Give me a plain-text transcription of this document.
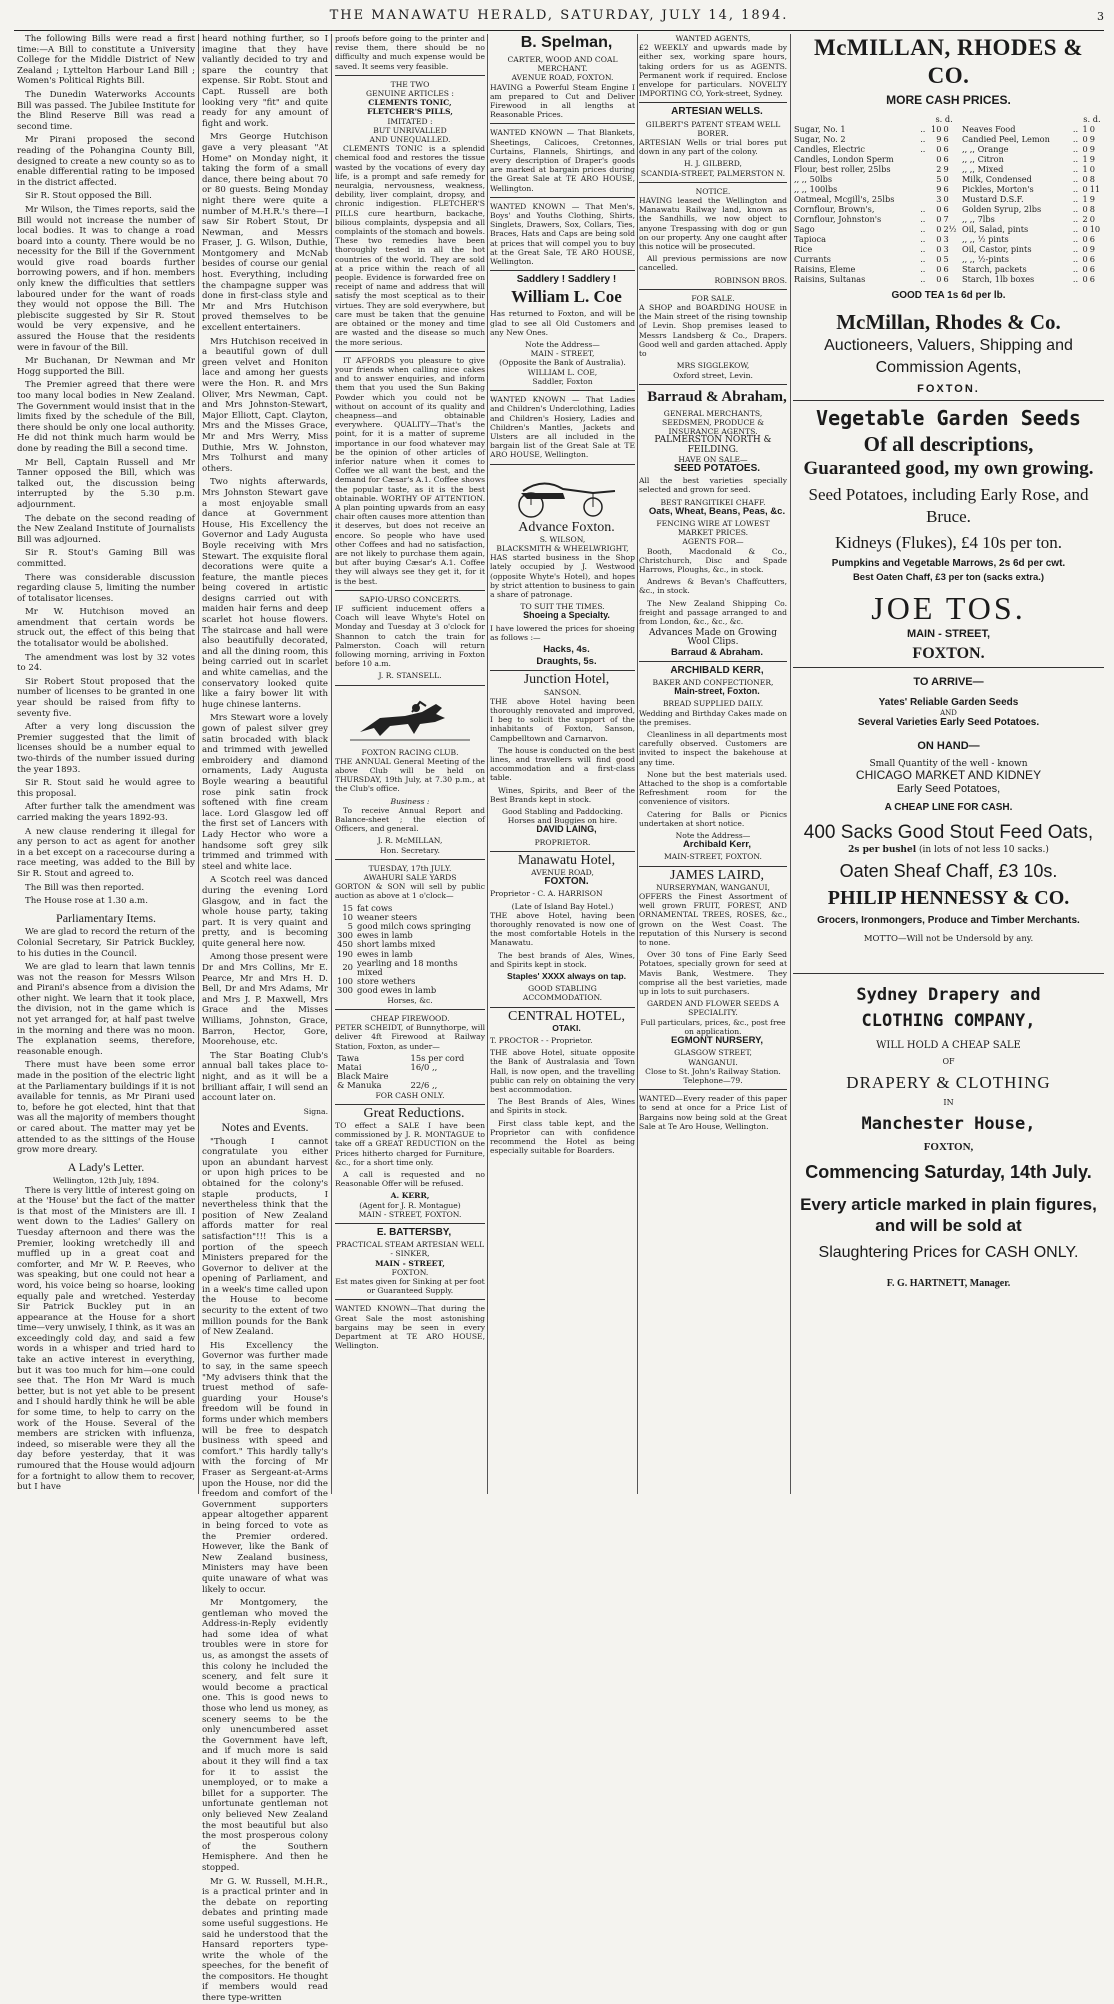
THE MANAWATU HERALD, SATURDAY, JULY 14, 1894.	3

The following Bills were read a first time:—A Bill to constitute a University College for the Middle District of New Zealand ; Lyttelton Harbour Land Bill ; Women's Political Rights Bill.

The Dunedin Waterworks Accounts Bill was passed. The Jubilee Institute for the Blind Reserve Bill was read a second time.

Mr Pirani proposed the second reading of the Pohangina County Bill, designed to create a new county so as to enable differential rating to be imposed in the district affected.

Sir R. Stout opposed the Bill.

Mr Wilson, the Times reports, said the Bill would not increase the number of local bodies. It was to change a road board into a county. There would be no necessity for the Bill if the Government would give road boards further borrowing powers, and if hon. members only knew the difficulties that settlers laboured under for the want of roads they would not oppose the Bill. The plebiscite suggested by Sir R. Stout would be very expensive, and he assured the House that the residents were in favour of the Bill.

Mr Buchanan, Dr Newman and Mr Hogg supported the Bill.

The Premier agreed that there were too many local bodies in New Zealand. The Government would insist that in the limits fixed by the schedule of the Bill, there should be only one local authority. He did not think much harm would be done by reading the Bill a second time.

Mr Bell, Captain Russell and Mr Tanner opposed the Bill, which was talked out, the discussion being interrupted by the 5.30 p.m. adjournment.

The debate on the second reading of the New Zealand Institute of Journalists Bill was adjourned.

Sir R. Stout's Gaming Bill was committed.

There was considerable discussion regarding clause 5, limiting the number of totalisator licenses.

Mr W. Hutchison moved an amendment that certain words be struck out, the effect of this being that the totalisator would be abolished.

The amendment was lost by 32 votes to 24.

Sir Robert Stout proposed that the number of licenses to be granted in one year should be raised from fifty to seventy five.

After a very long discussion the Premier suggested that the limit of licenses should be a number equal to two-thirds of the number issued during the year 1893.

Sir R. Stout said he would agree to this proposal.

After further talk the amendment was carried making the years 1892-93.

A new clause rendering it illegal for any person to act as agent for another in a bet except on a racecourse during a race meeting, was added to the Bill by Sir R. Stout and agreed to.

The Bill was then reported.

The House rose at 1.30 a.m.

Parliamentary Items.

We are glad to record the return of the Colonial Secretary, Sir Patrick Buckley, to his duties in the Council.

We are glad to learn that lawn tennis was not the reason for Messrs Wilson and Pirani's absence from a division the other night. We learn that it took place, the division, not in the game which is not yet arranged for, at half past twelve in the morning and there was no moon. The explanation seems, therefore, reasonable enough.

There must have been some error made in the position of the electric light at the Parliamentary buildings if it is not available for tennis, as Mr Pirani used to, before he got elected, hint that that was all the majority of members thought or cared about. The matter may yet be attended to as the sittings of the House grow more dreary.

A Lady's Letter.

Wellington, 12th July, 1894.

There is very little of interest going on at the 'House' but the fact of the matter is that most of the Ministers are ill. I went down to the Ladies' Gallery on Tuesday afternoon and there was the Premier, looking wretchedly ill and muffled up in a great coat and comforter, and Mr W. P. Reeves, who was speaking, but one could not hear a word, his voice being so hoarse, looking equally pale and wretched. Yesterday Sir Patrick Buckley put in an appearance at the House for a short time—very unwisely, I think, as it was an exceedingly cold day, and said a few words in a whisper and tried hard to take an active interest in everything, but it was too much for him—one could see that. The Hon Mr Ward is much better, but is not yet able to be present and I should hardly think he will be able for some time, to help to carry on the work of the House. Several of the members are stricken with influenza, indeed, so miserable were they all the day before yesterday, that it was rumoured that the House would adjourn for a fortnight to allow them to recover, but I have

heard nothing further, so I imagine that they have valiantly decided to try and spare the country that expense. Sir Robt. Stout and Capt. Russell are both looking very "fit" and quite ready for any amount of fight and work.

Mrs George Hutchison gave a very pleasant "At Home" on Monday night, it taking the form of a small dance, there being about 70 or 80 guests. Being Monday night there were quite a number of M.H.R.'s there—I saw Sir Robert Stout, Dr Newman, and Messrs Fraser, J. G. Wilson, Duthie, Montgomery and McNab besides of course our genial host. Everything, including the champagne supper was done in first-class style and Mr and Mrs Hutchison proved themselves to be excellent entertainers.

Mrs Hutchison received in a beautiful gown of dull green velvet and Honiton lace and among her guests were the Hon. R. and Mrs Oliver, Mrs Newman, Capt. and Mrs Johnston-Stewart, Major Elliott, Capt. Clayton, Mrs and the Misses Grace, Mr and Mrs Werry, Miss Duthie, Mrs W. Johnston, Mrs Tolhurst and many others.

Two nights afterwards, Mrs Johnston Stewart gave a most enjoyable small dance at Government House, His Excellency the Governor and Lady Augusta Boyle receiving with Mrs Stewart. The exquisite floral decorations were quite a feature, the mantle pieces being covered in artistic designs carried out with maiden hair ferns and deep scarlet hot house flowers. The staircase and hall were also beautifully decorated, and all the dining room, this being carried out in scarlet and white camelias, and the conservatory looked quite like a fairy bower lit with huge chinese lanterns.

Mrs Stewart wore a lovely gown of palest silver grey satin brocaded with black and trimmed with jewelled embroidery and diamond ornaments, Lady Augusta Boyle wearing a beautiful rose pink satin frock softened with fine cream lace. Lord Glasgow led off the first set of Lancers with Lady Hector who wore a handsome soft grey silk trimmed and trimmed with steel and white lace.

A Scotch reel was danced during the evening Lord Glasgow, and in fact the whole house party, taking part. It is very quaint and pretty, and is becoming quite general here now.

Among those present were Dr and Mrs Collins, Mr E. Pearce, Mr and Mrs H. D. Bell, Dr and Mrs Adams, Mr and Mrs J. P. Maxwell, Mrs Grace and the Misses Williams, Johnston, Grace, Barron, Hector, Gore, Moorehouse, etc.

The Star Boating Club's annual ball takes place to-night, and as it will be a brilliant affair, I will send an account later on.

Signa.

Notes and Events.

"Though I cannot congratulate you either upon an abundant harvest or upon high prices to be obtained for the colony's staple products, I nevertheless think that the position of New Zealand affords matter for real satisfaction"!!! This is a portion of the speech Ministers prepared for the Governor to deliver at the opening of Parliament, and in a week's time called upon the House to become security to the extent of two million pounds for the Bank of New Zealand.

His Excellency the Governor was further made to say, in the same speech "My advisers think that the truest method of safe-guarding your House's freedom will be found in forms under which members will be free to despatch business with speed and comfort." This hardly tally's with the forcing of Mr Fraser as Sergeant-at-Arms upon the House, nor did the freedom and comfort of the Government supporters appear altogether apparent in being forced to vote as the Premier ordered. However, like the Bank of New Zealand business, Ministers may have been quite unaware of what was likely to occur.

Mr Montgomery, the gentleman who moved the Address-in-Reply evidently had some idea of what troubles were in store for us, as amongst the assets of this colony he included the scenery, and felt sure it would become a practical one. This is good news to those who lend us money, as scenery seems to be the only unencumbered asset the Government have left, and if much more is said about it they will find a tax for it to assist the unemployed, or to make a billet for a supporter. The unfortunate gentleman not only believed New Zealand the most beautiful but also the most prosperous colony of the Southern Hemisphere. And then he stopped.

Mr G. W. Russell, M.H.R., is a practical printer and in the debate on reporting debates and printing made some useful suggestions. He said he understood that the Hansard reporters type-write the whole of the speeches, for the benefit of the compositors. He thought if members would read there type-written

proofs before going to the printer and revise them, there should be no difficulty and much expense would be saved. It seems very feasible.

THE TWO

GENUINE ARTICLES :

CLEMENTS TONIC,

FLETCHER'S PILLS,

IMITATED :

BUT UNRIVALLED

AND UNEQUALLED.

CLEMENTS TONIC is a splendid chemical food and restores the tissue wasted by the vocations of every day life, is a prompt and safe remedy for neuralgia, nervousness, weakness, debility, liver complaint, dropsy, and chronic indigestion. FLETCHER'S PILLS cure heartburn, backache, bilious complaints, dyspepsia and all complaints of the stomach and bowels. These two remedies have been thoroughly tested in all the hot countries of the world. They are sold at a price within the reach of all people. Evidence is forwarded free on receipt of name and address that will satisfy the most sceptical as to their virtues. They are sold everywhere, but care must be taken that the genuine are obtained or the money and time are wasted and the disease so much the more serious.

IT AFFORDS you pleasure to give your friends when calling nice cakes and to answer enquiries, and inform them that you used the Sun Baking Powder which you could not be without on account of its quality and cheapness—and obtainable everywhere. QUALITY—That's the point, for it is a matter of supreme importance in our food whatever may be the opinion of other articles of inferior nature when it comes to Coffee we all want the best, and the demand for Cæsar's A.1. Coffee shows the popular taste, as it is the best obtainable. WORTHY OF ATTENTION. A plan pointing upwards from an easy chair often causes more attention than it deserves, but does not receive an encore. So people who have used other Coffees and had no satisfaction, are not likely to purchase them again, but after buying Cæsar's A.1. Coffee they will always see they get it, for it is the best.

SAPIO-URSO CONCERTS.

IF sufficient inducement offers a Coach will leave Whyte's Hotel on Monday and Tuesday at 3 o'clock for Shannon to catch the train for Palmerston. Coach will return following morning, arriving in Foxton before 10 a.m.

J. R. STANSELL.

FOXTON RACING CLUB.

THE ANNUAL General Meeting of the above Club will be held on THURSDAY, 19th July, at 7.30 p.m., at the Club's office.

Business :

To receive Annual Report and Balance-sheet ; the election of Officers, and general.

J. R. McMILLAN,

Hon. Secretary.

TUESDAY, 17th JULY.

AWAHURI SALE YARDS

GORTON & SON will sell by public auction as above at 1 o'clock—

15	fat cows
10	weaner steers
5	good milch cows springing
300	ewes in lamb
450	short lambs mixed
190	ewes in lamb
20	yearling and 18 months mixed
100	store wethers
300	good ewes in lamb

Horses, &c.

CHEAP FIREWOOD.

PETER SCHEIDT, of Bunnythorpe, will deliver 4ft Firewood at Railway Station, Foxton, as under—

Tawa	15s per cord
Matai	16/0 ,,
Black Maire	
& Manuka	22/6 ,,

FOR CASH ONLY.

Great Reductions.

TO effect a SALE I have been commissioned by J. R. MONTAGUE to take off a GREAT REDUCTION on the Prices hitherto charged for Furniture, &c., for a short time only.

A call is requested and no Reasonable Offer will be refused.

A. KERR,

(Agent for J. R. Montague)

MAIN - STREET, FOXTON.

E. BATTERSBY,

PRACTICAL STEAM ARTESIAN WELL - SINKER,

MAIN - STREET,

FOXTON.

Est mates given for Sinking at per foot or Guaranteed Supply.

WANTED KNOWN—That during the Great Sale the most astonishing bargains may be seen in every Department at TE ARO HOUSE, Wellington.

B. Spelman,

CARTER, WOOD AND COAL MERCHANT.

AVENUE ROAD, FOXTON.

HAVING a Powerful Steam Engine I am prepared to Cut and Deliver Firewood in all lengths at Reasonable Prices.

WANTED KNOWN — That Blankets, Sheetings, Calicoes, Cretonnes, Curtains, Flannels, Shirtings, and every description of Draper's goods are marked at bargain prices during the Great Sale at TE ARO HOUSE, Wellington.

WANTED KNOWN — That Men's, Boys' and Youths Clothing, Shirts, Singlets, Drawers, Sox, Collars, Ties, Braces, Hats and Caps are being sold at prices that will compel you to buy at the Great Sale, TE ARO HOUSE, Wellington.

Saddlery ! Saddlery !

William L. Coe

Has returned to Foxton, and will be glad to see all Old Customers and any New Ones.

Note the Address—

MAIN - STREET,

(Opposite the Bank of Australia).

WILLIAM L. COE,

Saddler, Foxton

WANTED KNOWN — That Ladies and Children's Underclothing, Ladies and Children's Hosiery, Ladies and Children's Mantles, Jackets and Ulsters are all included in the bargain list of the Great Sale at TE ARO HOUSE, Wellington.

Advance Foxton.

S. WILSON,

BLACKSMITH & WHEELWRIGHT,

HAS started business in the Shop lately occupied by J. Westwood (opposite Whyte's Hotel), and hopes by strict attention to business to gain a share of patronage.

TO SUIT THE TIMES.

Shoeing a Specialty.

I have lowered the prices for shoeing as follows :—

Hacks, 4s.

Draughts, 5s.

Junction Hotel,

SANSON.

THE above Hotel having been thoroughly renovated and improved, I beg to solicit the support of the inhabitants of Foxton, Sanson, Campbelltown and Carnarvon.

The house is conducted on the best lines, and travellers will find good accommodation and a first-class table.

Wines, Spirits, and Beer of the Best Brands kept in stock.

Good Stabling and Paddocking.

Horses and Buggies on hire.

DAVID LAING,

PROPRIETOR.

Manawatu Hotel,

AVENUE ROAD,

FOXTON.

Proprietor - C. A. HARRISON

(Late of Island Bay Hotel.)

THE above Hotel, having been thoroughly renovated is now one of the most comfortable Hotels in the Manawatu.

The best brands of Ales, Wines, and Spirits kept in stock.

Staples' XXXX always on tap.

GOOD STABLING ACCOMMODATION.

CENTRAL HOTEL,

OTAKI.

T. PROCTOR - - Proprietor.

THE above Hotel, situate opposite the Bank of Australasia and Town Hall, is now open, and the travelling public can rely on obtaining the very best accommodation.

The Best Brands of Ales, Wines and Spirits in stock.

First class table kept, and the Proprietor can with confidence recommend the Hotel as being especially suitable for Boarders.

WANTED AGENTS,

£2 WEEKLY and upwards made by either sex, working spare hours, taking orders for us as AGENTS. Permanent work if required. Enclose envelope for particulars. NOVELTY IMPORTING CO, York-street, Sydney.

ARTESIAN WELLS.

GILBERT'S PATENT STEAM WELL BORER.

ARTESIAN Wells or trial bores put down in any part of the colony.

H. J. GILBERD,

SCANDIA-STREET, PALMERSTON N.

NOTICE.

HAVING leased the Wellington and Manawatu Railway land, known as the Sandhills, we now object to anyone Trespassing with dog or gun on our property. Any one caught after this notice will be prosecuted.

All previous permissions are now cancelled.

ROBINSON BROS.

FOR SALE.

A SHOP and BOARDING HOUSE in the Main street of the rising township of Levin. Shop premises leased to Messrs Landsberg & Co., Drapers. Good well and garden attached. Apply to

MRS SIGGLEKOW,

Oxford street, Levin.

Barraud & Abraham,

GENERAL MERCHANTS, SEEDSMEN, PRODUCE & INSURANCE AGENTS.

PALMERSTON NORTH & FEILDING.

HAVE ON SALE—

SEED POTATOES.

All the best varieties specially selected and grown for seed.

BEST RANGITIKEI CHAFF.

Oats, Wheat, Beans, Peas, &c.

FENCING WIRE AT LOWEST MARKET PRICES.

AGENTS FOR—

Booth, Macdonald & Co., Christchurch, Disc and Spade Harrows, Ploughs, &c., in stock.

Andrews & Bevan's Chaffcutters, &c., in stock.

The New Zealand Shipping Co. freight and passage arranged to and from London, &c., &c., &c.

Advances Made on Growing Wool Clips.

Barraud & Abraham.

ARCHIBALD KERR,

BAKER AND CONFECTIONER,

Main-street, Foxton.

BREAD SUPPLIED DAILY.

Wedding and Birthday Cakes made on the premises.

Cleanliness in all departments most carefully observed. Customers are invited to inspect the bakehouse at any time.

None but the best materials used. Attached to the shop is a comfortable Refreshment room for the convenience of visitors.

Catering for Balls or Picnics undertaken at short notice.

Note the Address—

Archibald Kerr,

MAIN-STREET, FOXTON.

JAMES LAIRD,

NURSERYMAN, WANGANUI,

OFFERS the Finest Assortment of well grown FRUIT, FOREST, AND ORNAMENTAL TREES, ROSES, &c., grown on the West Coast. The reputation of this Nursery is second to none.

Over 30 tons of Fine Early Seed Potatoes, specially grown for seed at Mavis Bank, Westmere. They comprise all the best varieties, made up in lots to suit purchasers.

GARDEN AND FLOWER SEEDS A SPECIALITY.

Full particulars, prices, &c., post free on application.

EGMONT NURSERY,

GLASGOW STREET,

WANGANUI.

Close to St. John's Railway Station.

Telephone—79.

WANTED—Every reader of this paper to send at once for a Price List of Bargains now being sold at the Great Sale at Te Aro House, Wellington.

McMILLAN, RHODES & CO.
MORE CASH PRICES.
		s. d.				s. d.	
Sugar, No. 1	..	10	0	Neaves Food	..	1	0
Sugar, No. 2	..	9	6	Candied Peel, Lemon	..	0	9
Candles, Electric	..	0	6	,, ,, Orange	..	0	9
Candles, London Sperm		0	6	,, ,, Citron	..	1	9
Flour, best roller, 25lbs		2	9	,, ,, Mixed	..	1	0
,, ,, 50lbs		5	0	Milk, Condensed	..	0	8
,, ,, 100lbs		9	6	Pickles, Morton's	..	0	11
Oatmeal, Mcgill's, 25lbs		3	0	Mustard D.S.F.	..	1	9
Cornflour, Brown's,	..	0	6	Golden Syrup, 2lbs	..	0	8
Cornflour, Johnston's	..	0	7	,, ,, 7lbs	..	2	0
Sago	..	0	2½	Oil, Salad, pints	..	0	10
Tapioca	..	0	3	,, ,, ½ pints	..	0	6
Rice	..	0	3	Oil, Castor, pints	..	0	9
Currants	..	0	5	,, ,, ½-pints	..	0	6
Raisins, Eleme	..	0	6	Starch, packets	..	0	6
Raisins, Sultanas	..	0	6	Starch, 1lb boxes	..	0	6
GOOD TEA 1s 6d per lb.
McMillan, Rhodes & Co.
Auctioneers, Valuers, Shipping and Commission Agents,
FOXTON.
Vegetable Garden Seeds
Of all descriptions,
Guaranteed good, my own growing.
Seed Potatoes, including Early Rose, and Bruce.
Kidneys (Flukes), £4 10s per ton.
Pumpkins and Vegetable Marrows, 2s 6d per cwt.
Best Oaten Chaff, £3 per ton (sacks extra.)
JOE TOS.
MAIN - STREET,
FOXTON.
TO ARRIVE—
Yates' Reliable Garden Seeds
AND
Several Varieties Early Seed Potatoes.
ON HAND—
Small Quantity of the well - known
CHICAGO MARKET AND KIDNEY
Early Seed Potatoes,
A CHEAP LINE FOR CASH.
400 Sacks Good Stout Feed Oats,
2s per bushel (in lots of not less 10 sacks.)
Oaten Sheaf Chaff, £3 10s.
PHILIP HENNESSY & CO.
Grocers, Ironmongers, Produce and Timber Merchants.
MOTTO—Will not be Undersold by any.
Sydney Drapery and
CLOTHING COMPANY,
WILL HOLD A CHEAP SALE
OF
DRAPERY & CLOTHING
IN
Manchester House,
FOXTON,
Commencing Saturday, 14th July.
Every article marked in plain figures, and will be sold at
Slaughtering Prices for CASH ONLY.
F. G. HARTNETT, Manager.
